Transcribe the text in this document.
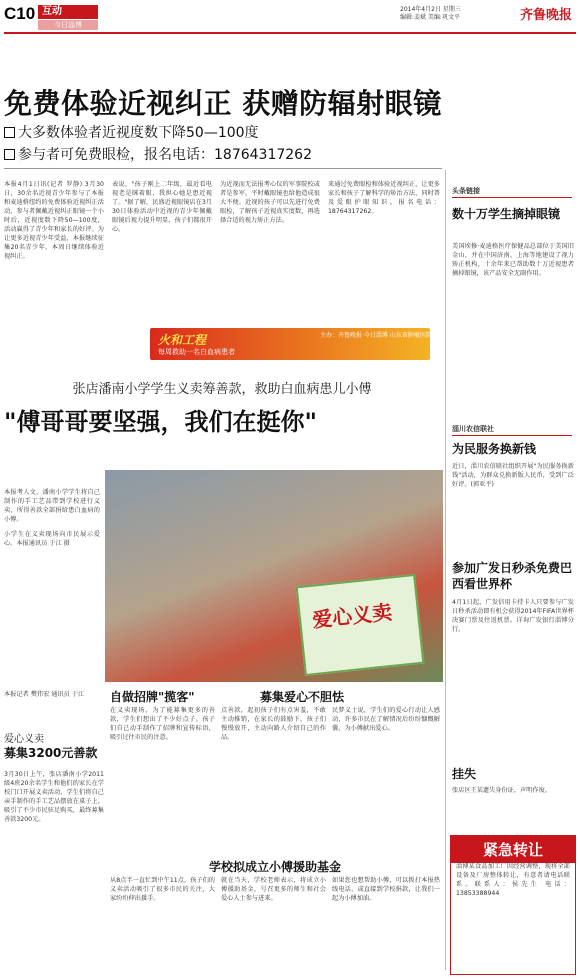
C10 互动
今日淄博
2014年4月2日 星期三
编辑:姜斌 美编:巩文平	齐鲁晚报
免费体验近视纠正 获赠防辐射眼镜
大多数体验者近视度数下降50—100度
参与者可免费眼检，报名电话：18764317262
本报4月1日讯(记者 罗静) 3月30日，30余名近视青少年参与了本报和麦迪格纽约的免费体验近视纠正活动，参与者佩戴近视纠正眼镜一个小时后，近视度数下降50—100度，活动赢得了青少年和家长的好评。为让更多近视青少年受益，本报继续征集20名青少年，本周日继续体验近视纠正。
表说，"孩子刚上二年级，最近看电视老是眯着眼，我担心她是患近视了。"据了解，民盛近视眼镜店在3月30日体验活动中近视的青少年佩戴眼镜后视力提升明显，孩子们都很开心。
为近视而无法报考心仪的军事院校或者是参军，平时戴眼镜也给他造成很大不便。近视的孩子可以先进行免费眼检，了解孩子近视真实度数，再选择合适的视力矫正方法。
来通过免费眼检和体验近视纠正，让更多家长和孩子了解科学的矫治方法，同时普及爱眼护眼知识。报名电话：18764317262。
火和工程
每周救助一名白血病患者
主办：齐鲁晚报·今日淄博 山东省肿瘤医院
张店潘南小学学生义卖筹善款，救助白血病患儿小傅
"傅哥哥要坚强，我们在挺你"
本报考人文，潘南小学学生将自己制作的手工艺品带到学校进行义卖，所得善款全部捐给患白血病的小傅。
小学生在义卖现场向市民展示爱心。本报通讯员 于江 摄
爱心义卖
本报记者 樊伟宏 通讯员 于江
爱心义卖
募集3200元善款
3月30日上午，张店潘南小学2011级4班20余名学生和他们的家长在学校门口开展义卖活动，学生们将自己亲手制作的手工艺品摆放在桌子上，吸引了不少市民驻足购买，最终募集善款3200元。
自做招牌"揽客"	募集爱心不胆怯
在义卖现场，为了能募集更多的善款，学生们想出了不少好点子。孩子们自己动手制作了招牌和宣传标语，吸引过往市民的注意。
点善款，起初孩子们有点害羞，不敢主动推销，在家长的鼓励下，孩子们慢慢放开，主动向路人介绍自己的作品。
民梦义士说，学生们的爱心行动让人感动，许多市民在了解情况后纷纷慷慨解囊，为小傅献出爱心。
学校拟成立小傅援助基金
从8点半一直忙到中午11点，孩子们的义卖活动吸引了很多市民的关注，大家纷纷伸出援手。
就在当天，学校老师表示，将成立小傅援助基金，号召更多的师生和社会爱心人士参与进来。
如果您也想帮助小傅，可以拨打本报热线电话，或直接到学校捐款，让我们一起为小傅加油。
头条链接
数十万学生摘掉眼镜
美国埃修·麦迪格医疗保健品总部位于美国旧金山，并在中国济南、上海等地建设了视力矫正机构，十余年来已帮助数十万近视患者摘掉眼镜，该产品安全无副作用。
淄川农信联社
为民服务换新钱
近日，淄川农信联社组织开展"为民服务换新钱"活动，为群众兑换新版人民币，受到广泛好评。(郭亚平)
参加广发日秒杀免费巴西看世界杯
4月1日起，广发信用卡持卡人只要参与广发日秒杀活动即有机会获得2014年FIFA世界杯决赛门票及往返机票。详询广发银行淄博分行。
挂失
张店区王某遗失身份证，声明作废。
紧急转让
淄博某食品加工厂因经营调整，现将全部设备及厂房整体转让，有意者请电话联系。联系人：侯先生 电话：13853388944
